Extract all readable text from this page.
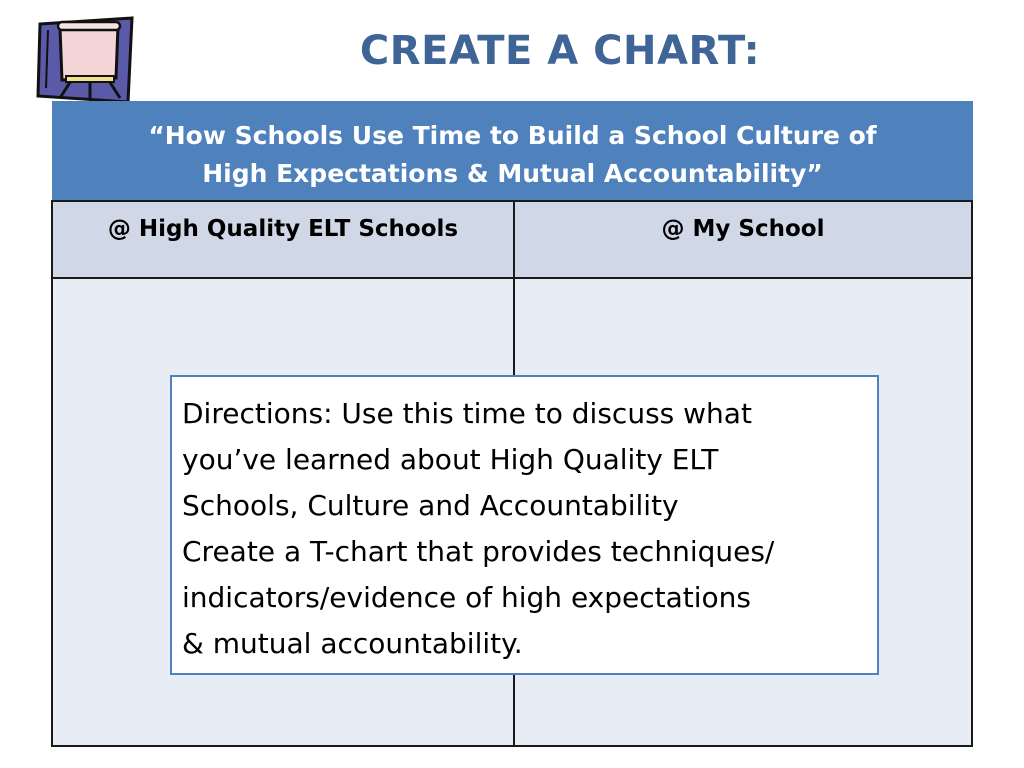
CREATE A CHART:
“How Schools Use Time to Build a School Culture of
High Expectations & Mutual Accountability”
@ High Quality ELT Schools	@ My School
Directions: Use this time to discuss what
you’ve learned about High Quality ELT
Schools, Culture and Accountability
Create a T-chart that provides techniques/
indicators/evidence of high expectations
& mutual accountability.
